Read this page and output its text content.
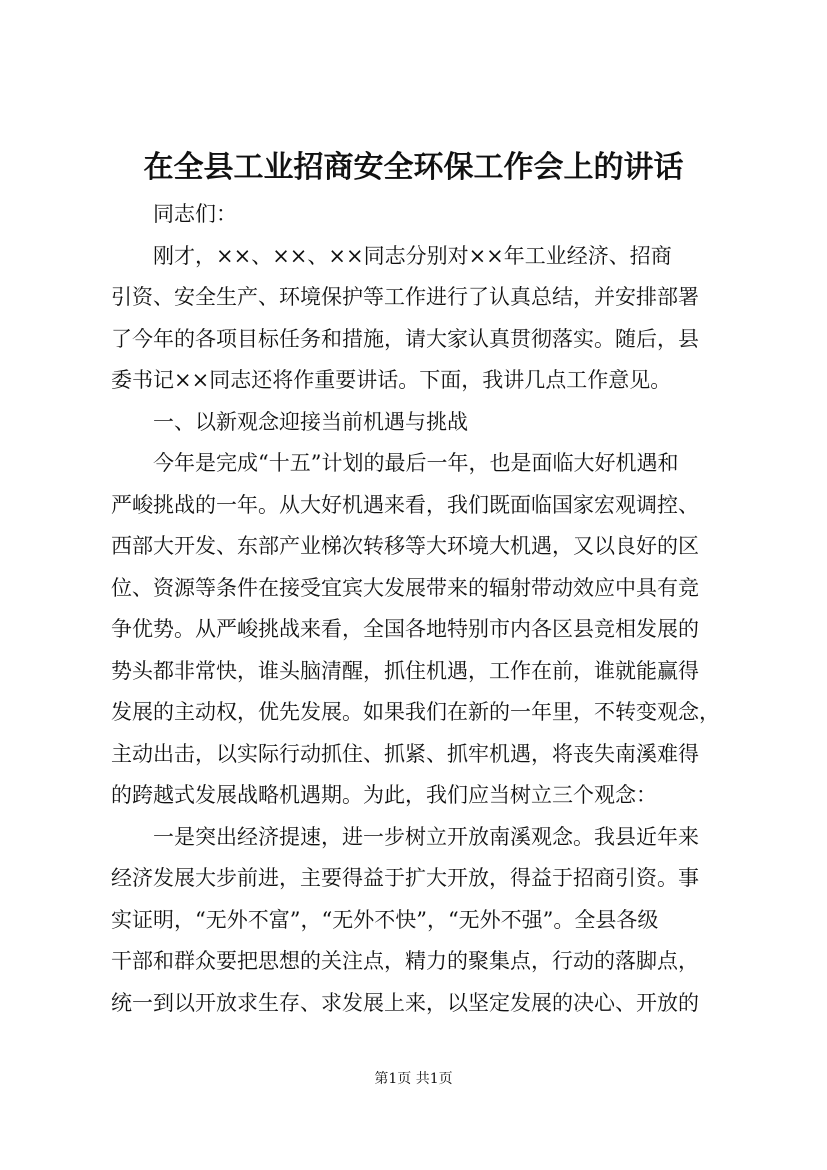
在全县工业招商安全环保工作会上的讲话
　　同志们：
　　刚才，××、××、××同志分别对××年工业经济、招商
引资、安全生产、环境保护等工作进行了认真总结，并安排部署
了今年的各项目标任务和措施，请大家认真贯彻落实。随后，县
委书记××同志还将作重要讲话。下面，我讲几点工作意见。
　　一、以新观念迎接当前机遇与挑战
　　今年是完成“十五”计划的最后一年，也是面临大好机遇和
严峻挑战的一年。从大好机遇来看，我们既面临国家宏观调控、
西部大开发、东部产业梯次转移等大环境大机遇，又以良好的区
位、资源等条件在接受宜宾大发展带来的辐射带动效应中具有竞
争优势。从严峻挑战来看，全国各地特别市内各区县竞相发展的
势头都非常快，谁头脑清醒，抓住机遇，工作在前，谁就能赢得
发展的主动权，优先发展。如果我们在新的一年里，不转变观念，
主动出击，以实际行动抓住、抓紧、抓牢机遇，将丧失南溪难得
的跨越式发展战略机遇期。为此，我们应当树立三个观念：
　　一是突出经济提速，进一步树立开放南溪观念。我县近年来
经济发展大步前进，主要得益于扩大开放，得益于招商引资。事
实证明，“无外不富”，“无外不快”，“无外不强”。全县各级
干部和群众要把思想的关注点，精力的聚集点，行动的落脚点，
统一到以开放求生存、求发展上来，以坚定发展的决心、开放的
第1页 共1页
